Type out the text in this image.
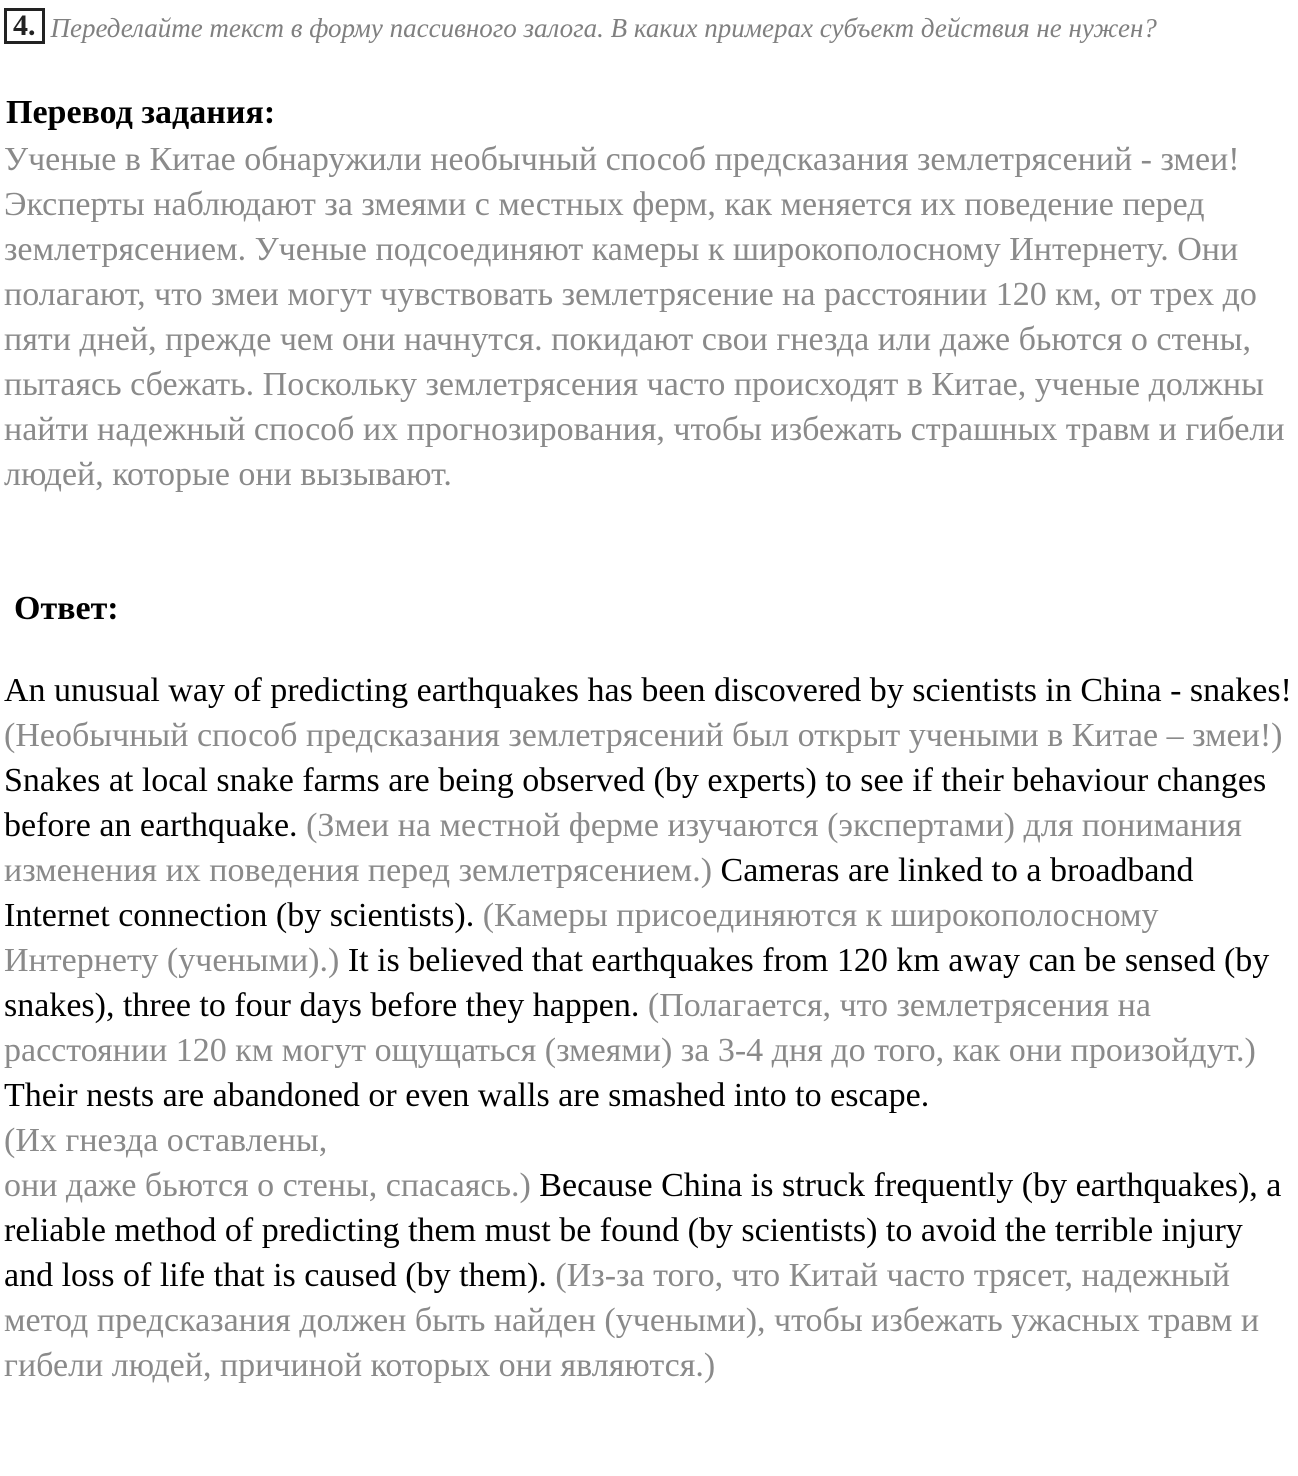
4. Переделайте текст в форму пассивного залога. В каких примерах субъект действия не нужен?
Перевод задания:
Ученые в Китае обнаружили необычный способ предсказания землетрясений - змеи! Эксперты наблюдают за змеями с местных ферм, как меняется их поведение перед землетрясением. Ученые подсоединяют камеры к широкополосному Интернету. Они полагают, что змеи могут чувствовать землетрясение на расстоянии 120 км, от трех до пяти дней, прежде чем они начнутся. покидают свои гнезда или даже бьются о стены, пытаясь сбежать. Поскольку землетрясения часто происходят в Китае, ученые должны найти надежный способ их прогнозирования, чтобы избежать страшных травм и гибели людей, которые они вызывают.
Ответ:
An unusual way of predicting earthquakes has been discovered by scientists in China - snakes! (Необычный способ предсказания землетрясений был открыт учеными в Китае – змеи!) Snakes at local snake farms are being observed (by experts) to see if their behaviour changes before an earthquake. (Змеи на местной ферме изучаются (экспертами) для понимания изменения их поведения перед землетрясением.) Cameras are linked to a broadband Internet connection (by scientists). (Камеры присоединяются к широкополосному Интернету (учеными).) It is believed that earthquakes from 120 km away can be sensed (by snakes), three to four days before they happen. (Полагается, что землетрясения на расстоянии 120 км могут ощущаться (змеями) за 3-4 дня до того, как они произойдут.) Their nests are abandoned or even walls are smashed into to escape.
(Их гнезда оставлены,
они даже бьются о стены, спасаясь.) Because China is struck frequently (by earthquakes), a reliable method of predicting them must be found (by scientists) to avoid the terrible injury and loss of life that is caused (by them). (Из-за того, что Китай часто трясет, надежный метод предсказания должен быть найден (учеными), чтобы избежать ужасных травм и гибели людей, причиной которых они являются.)
